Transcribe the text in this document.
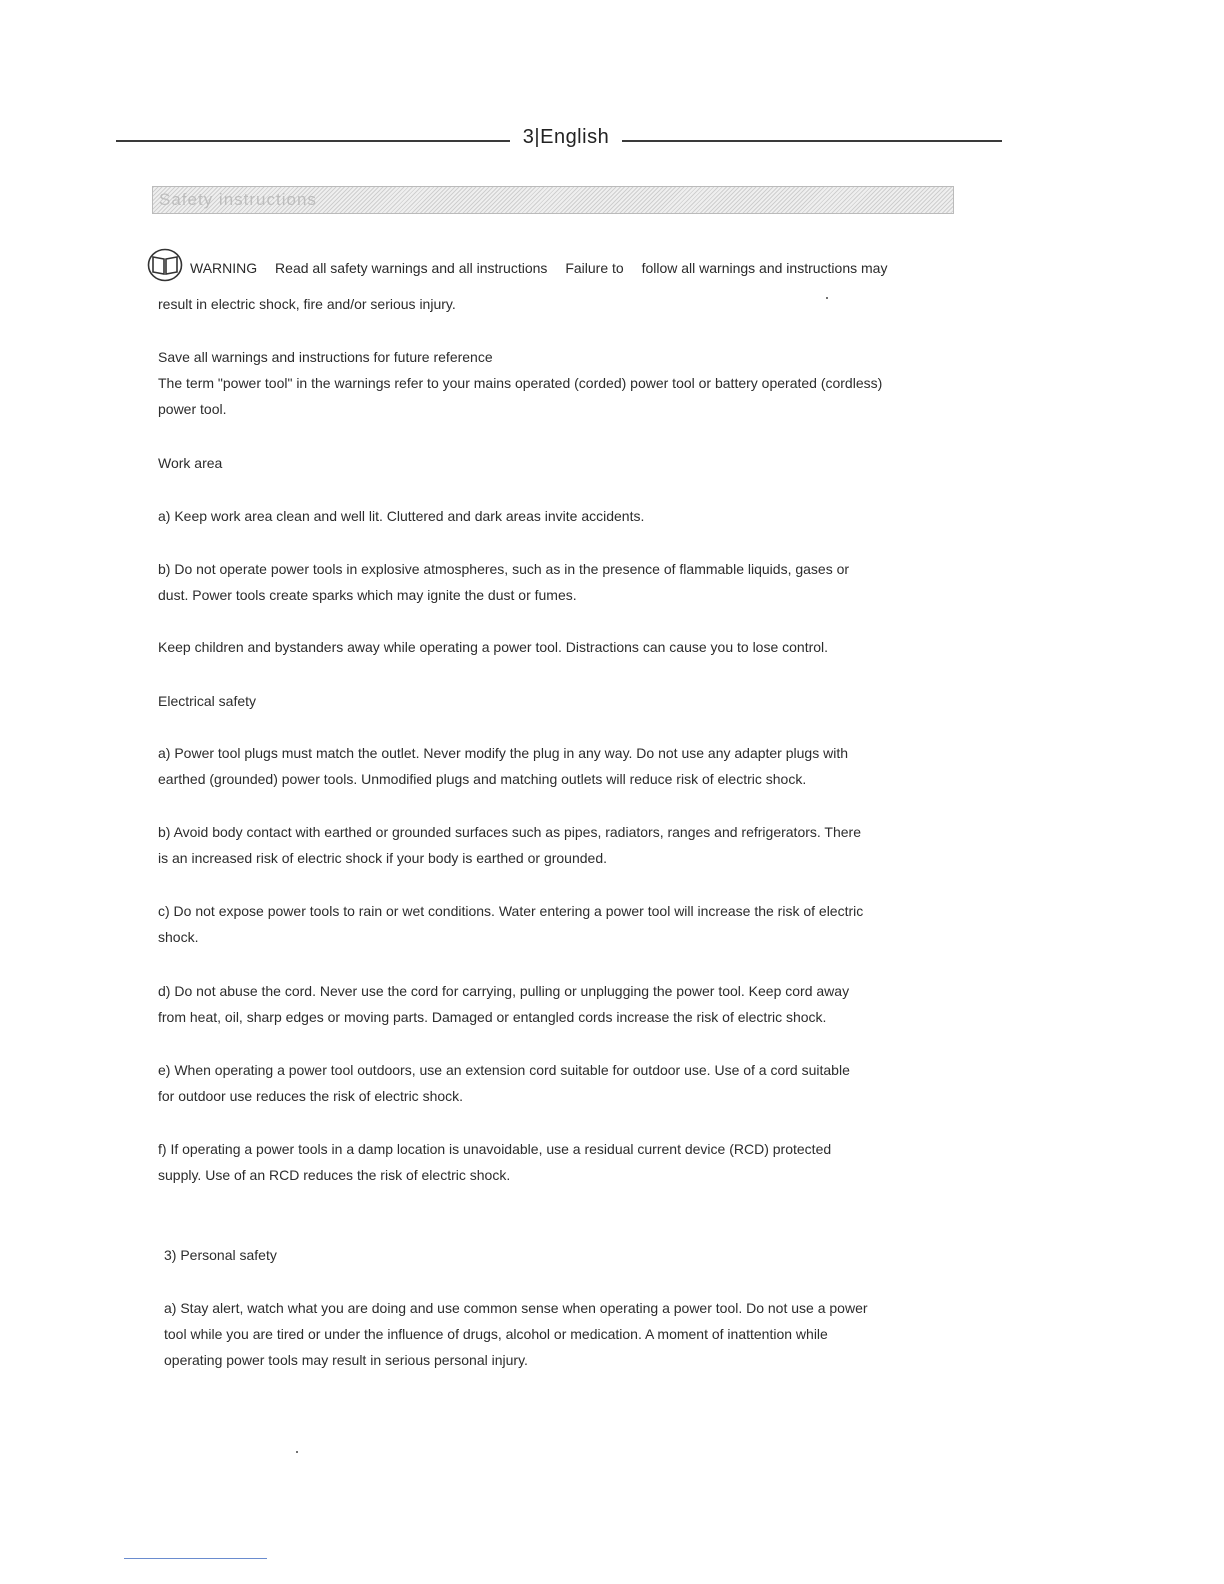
3|English
Safety instructions
WARNING Read all safety warnings and all instructions Failure to follow all warnings and instructions may
result in electric shock, fire and/or serious injury.
Save all warnings and instructions for future reference
The term "power tool" in the warnings refer to your mains operated (corded) power tool or battery operated (cordless)
power tool.
Work area
a) Keep work area clean and well lit. Cluttered and dark areas invite accidents.
b) Do not operate power tools in explosive atmospheres, such as in the presence of flammable liquids, gases or
dust. Power tools create sparks which may ignite the dust or fumes.
Keep children and bystanders away while operating a power tool. Distractions can cause you to lose control.
Electrical safety
a) Power tool plugs must match the outlet. Never modify the plug in any way. Do not use any adapter plugs with
earthed (grounded) power tools. Unmodified plugs and matching outlets will reduce risk of electric shock.
b) Avoid body contact with earthed or grounded surfaces such as pipes, radiators, ranges and refrigerators. There
is an increased risk of electric shock if your body is earthed or grounded.
c) Do not expose power tools to rain or wet conditions. Water entering a power tool will increase the risk of electric
shock.
d) Do not abuse the cord. Never use the cord for carrying, pulling or unplugging the power tool. Keep cord away
from heat, oil, sharp edges or moving parts. Damaged or entangled cords increase the risk of electric shock.
e) When operating a power tool outdoors, use an extension cord suitable for outdoor use. Use of a cord suitable
for outdoor use reduces the risk of electric shock.
f) If operating a power tools in a damp location is unavoidable, use a residual current device (RCD) protected
supply. Use of an RCD reduces the risk of electric shock.
3) Personal safety
a) Stay alert, watch what you are doing and use common sense when operating a power tool. Do not use a power
tool while you are tired or under the influence of drugs, alcohol or medication. A moment of inattention while
operating power tools may result in serious personal injury.
